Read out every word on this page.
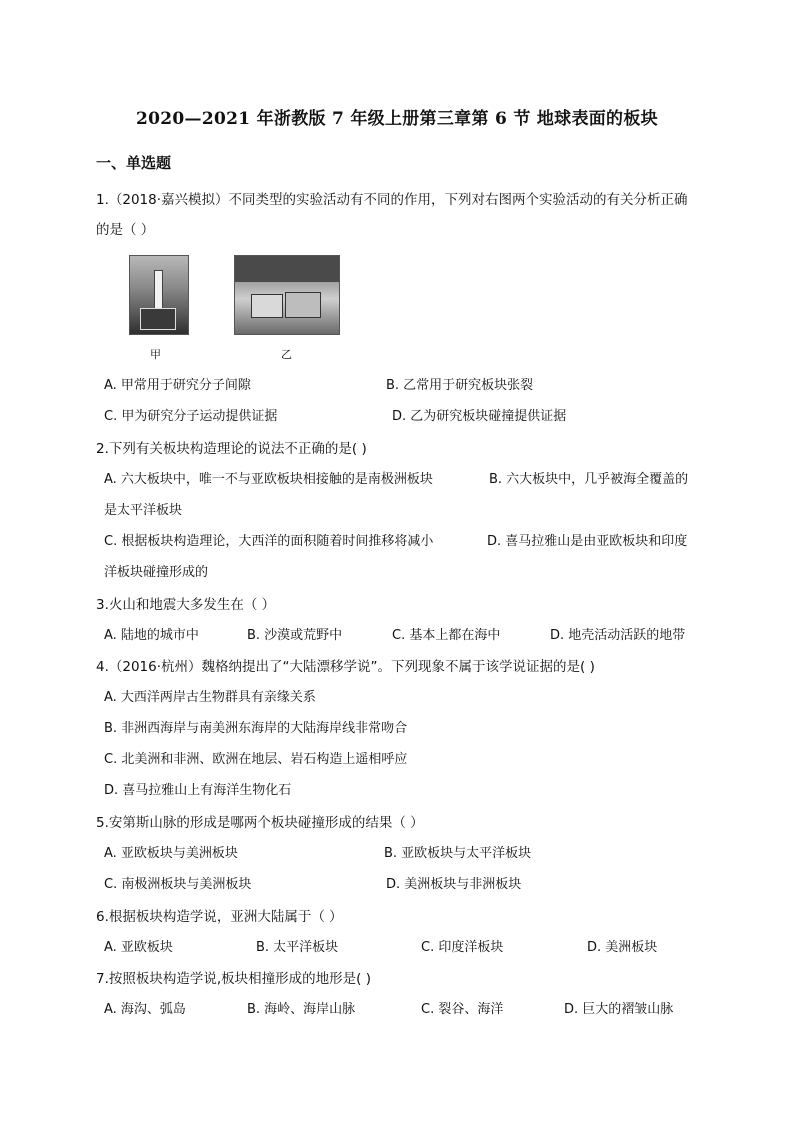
2020—2021 年浙教版 7 年级上册第三章第 6 节 地球表面的板块
一、单选题
1.（2018·嘉兴模拟）不同类型的实验活动有不同的作用，下列对右图两个实验活动的有关分析正确
的是（ ）
甲	乙
A. 甲常用于研究分子间隙	B. 乙常用于研究板块张裂
C. 甲为研究分子运动提供证据	D. 乙为研究板块碰撞提供证据
2.下列有关板块构造理论的说法不正确的是( )
A. 六大板块中，唯一不与亚欧板块相接触的是南极洲板块	B. 六大板块中，几乎被海全覆盖的
是太平洋板块
C. 根据板块构造理论，大西洋的面积随着时间推移将减小	D. 喜马拉雅山是由亚欧板块和印度
洋板块碰撞形成的
3.火山和地震大多发生在（ ）
A. 陆地的城市中	B. 沙漠或荒野中	C. 基本上都在海中	D. 地壳活动活跃的地带
4.（2016·杭州）魏格纳提出了“大陆漂移学说”。下列现象不属于该学说证据的是( )
A. 大西洋两岸古生物群具有亲缘关系
B. 非洲西海岸与南美洲东海岸的大陆海岸线非常吻合
C. 北美洲和非洲、欧洲在地层、岩石构造上遥相呼应
D. 喜马拉雅山上有海洋生物化石
5.安第斯山脉的形成是哪两个板块碰撞形成的结果（ ）
A. 亚欧板块与美洲板块	B. 亚欧板块与太平洋板块
C. 南极洲板块与美洲板块	D. 美洲板块与非洲板块
6.根据板块构造学说，亚洲大陆属于（ ）
A. 亚欧板块	B. 太平洋板块	C. 印度洋板块	D. 美洲板块
7.按照板块构造学说,板块相撞形成的地形是( )
A. 海沟、弧岛	B. 海岭、海岸山脉	C. 裂谷、海洋	D. 巨大的褶皱山脉
